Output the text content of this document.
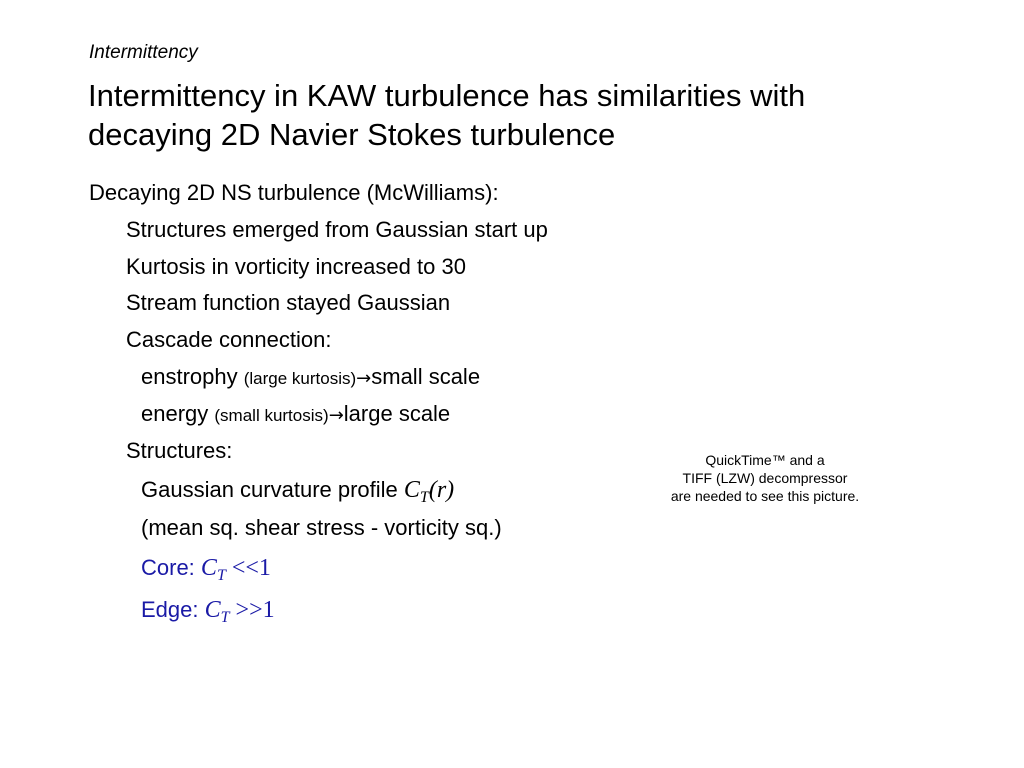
Intermittency
Intermittency in KAW turbulence has similarities with
decaying 2D Navier Stokes turbulence
Decaying 2D NS turbulence (McWilliams):
Structures emerged from Gaussian start up
Kurtosis in vorticity increased to 30
Stream function stayed Gaussian
Cascade connection:
enstrophy (large kurtosis)→small scale
energy (small kurtosis)→large scale
Structures:
Gaussian curvature profile $C_T(r)$
(mean sq. shear stress - vorticity sq.)
Core: $C_T <<1$
Edge: $C_T >>1$
QuickTime™ and a
TIFF (LZW) decompressor
are needed to see this picture.
